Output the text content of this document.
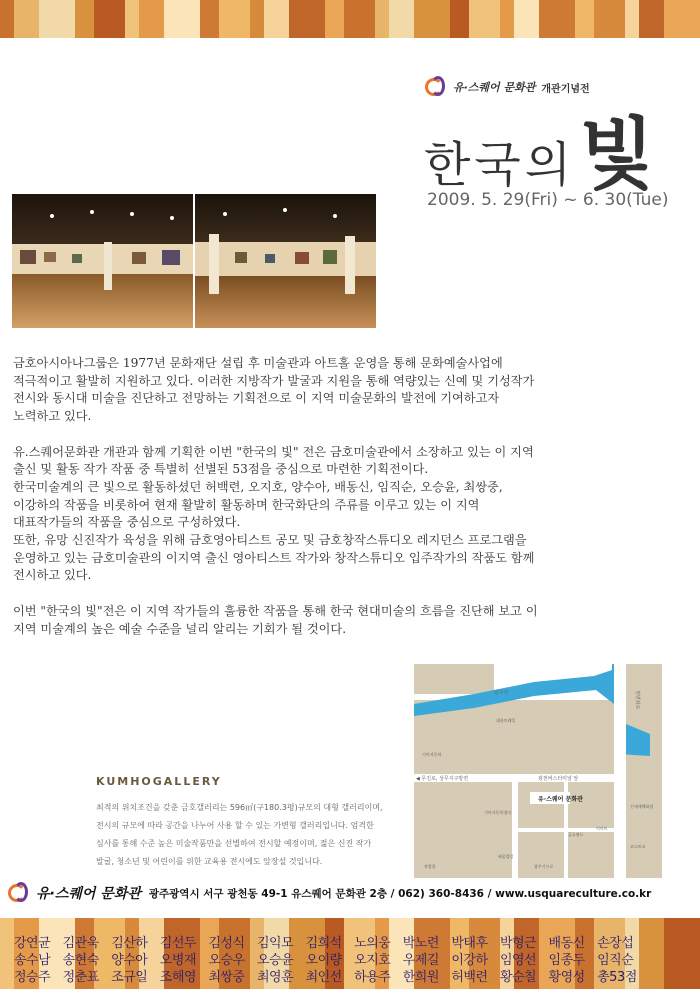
유·스퀘어 문화관 개관기념전
한국의빛
2009. 5. 29(Fri) ~ 6. 30(Tue)

금호아시아나그룹은 1977년 문화재단 설립 후 미술관과 아트홀 운영을 통해 문화예술사업에
적극적이고 활발히 지원하고 있다. 이러한 지방작가 발굴과 지원을 통해 역량있는 신예 및 기성작가
전시와 동시대 미술을 진단하고 전망하는 기획전으로 이 지역 미술문화의 발전에 기여하고자
노력하고 있다.

유.스퀘어문화관 개관과 함께 기획한 이번 "한국의 빛" 전은 금호미술관에서 소장하고 있는 이 지역
출신 및 활동 작가 작품 중 특별히 선별된 53점을 중심으로 마련한 기획전이다.
한국미술계의 큰 빛으로 활동하셨던 허백련, 오지호, 양수아, 배동신, 임직순, 오승윤, 최쌍중,
이강하의 작품을 비롯하여 현재 활발히 활동하며 한국화단의 주류를 이루고 있는 이 지역
대표작가들의 작품을 중심으로 구성하였다.
또한, 유망 신진작가 육성을 위해 금호영아티스트 공모 및 금호창작스튜디오 레지던스 프로그램을
운영하고 있는 금호미술관의 이지역 출신 영아티스트 작가와 창작스튜디오 입주작가의 작품도 함께
전시하고 있다.

이번 "한국의 빛"전은 이 지역 작가들의 훌륭한 작품을 통해 한국 현대미술의 흐름을 진단해 보고 이
지역 미술계의 높은 예술 수준을 널리 알리는 기회가 될 것이다.

KUMHOGALLERY
최적의 위치조건을 갖춘 금호갤러리는 596㎡(구180.3평)규모의 대형 갤러리이며,
전시의 규모에 따라 공간을 나누어 사용 할 수 있는 가변형 갤러리입니다. 엄격한
심사를 통해 수준 높은 미술작품만을 선별하여 전시할 예정이며, 젊은 신진 작가
발굴, 청소년 및 어린이를 위한 교육용 전시에도 앞장설 것입니다.
광주천	천변좌로
◀ 무진로, 상무지구방면	광천버스터미널 앞
유·스퀘어 문화관
대한트레일
기아자동차
기아자동차정비
금호월드
이마트
배움발길
광주기프로
신세계백화점
홍발할
코스트코
유·스퀘어 문화관 광주광역시 서구 광천동 49-1 유스퀘어 문화관 2층 / 062) 360-8436 / www.usquareculture.co.kr
강연균 김관욱 김산하 김선두 김성식 김익모 김희석 노의웅 박노련 박태후 박형근 배동신 손장섭
송수남 송현숙 양수아 오병재 오승우 오승윤 오이량 오지호 우제길 이강하 임영선 임종두 임직순
정승주 정춘표 조규일 조해영 최쌍중 최영훈 최인선 하용주 한희원 허백련 황순칠 황영성 총53점
